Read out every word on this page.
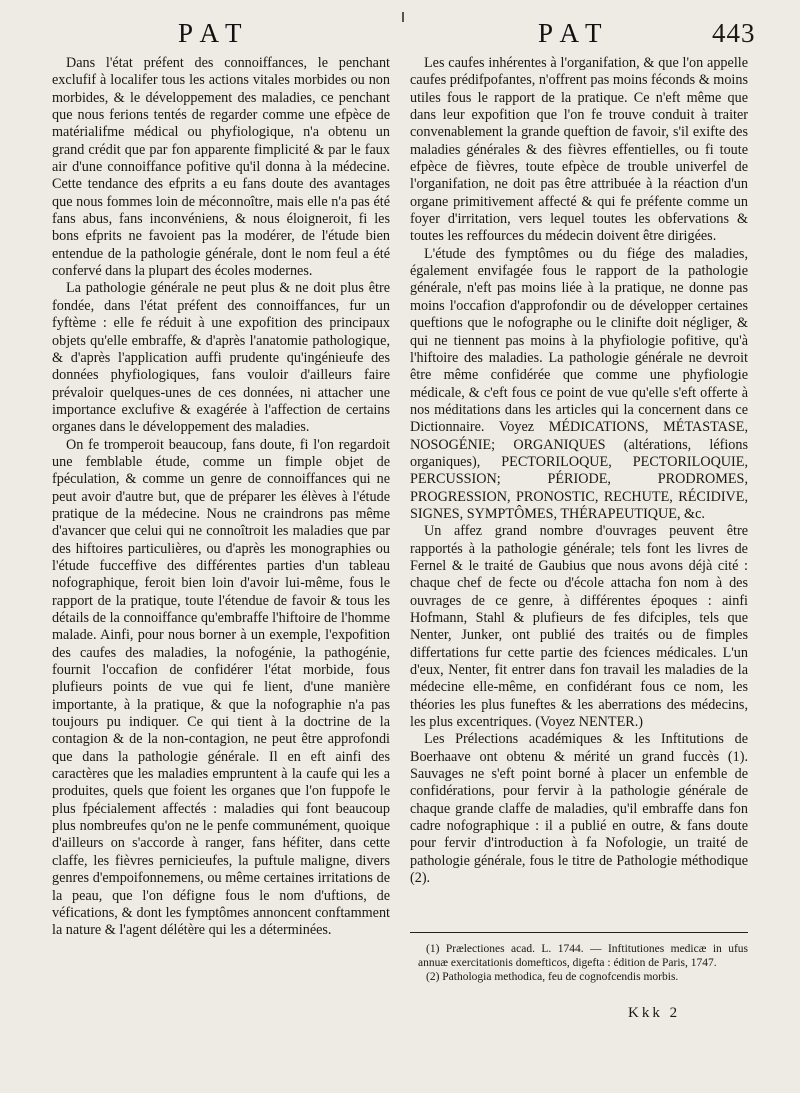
PAT	PAT	443

Dans l'état préfent des connoiffances, le penchant exclufif à localifer tous les actions vitales morbides ou non morbides, & le développement des maladies, ce penchant que nous ferions tentés de regarder comme une efpèce de matérialifme médical ou phyfiologique, n'a obtenu un grand crédit que par fon apparente fimplicité & par le faux air d'une connoiffance pofitive qu'il donna à la médecine. Cette tendance des efprits a eu fans doute des avantages que nous fommes loin de méconnoître, mais elle n'a pas été fans abus, fans inconvéniens, & nous éloigneroit, fi les bons efprits ne favoient pas la modérer, de l'étude bien entendue de la pathologie générale, dont le nom feul a été confervé dans la plupart des écoles modernes.

La pathologie générale ne peut plus & ne doit plus être fondée, dans l'état préfent des connoiffances, fur un fyftème : elle fe réduit à une expofition des principaux objets qu'elle embraffe, & d'après l'anatomie pathologique, & d'après l'application auffi prudente qu'ingénieufe des données phyfiologiques, fans vouloir d'ailleurs faire prévaloir quelques-unes de ces données, ni attacher une importance exclufive & exagérée à l'affection de certains organes dans le développement des maladies.

On fe tromperoit beaucoup, fans doute, fi l'on regardoit une femblable étude, comme un fimple objet de fpéculation, & comme un genre de connoiffances qui ne peut avoir d'autre but, que de préparer les élèves à l'étude pratique de la médecine. Nous ne craindrons pas même d'avancer que celui qui ne connoîtroit les maladies que par des hiftoires particulières, ou d'après les monographies ou l'étude fucceffive des différentes parties d'un tableau nofographique, feroit bien loin d'avoir lui-même, fous le rapport de la pratique, toute l'étendue de favoir & tous les détails de la connoiffance qu'embraffe l'hiftoire de l'homme malade. Ainfi, pour nous borner à un exemple, l'expofition des caufes des maladies, la nofogénie, la pathogénie, fournit l'occafion de confidérer l'état morbide, fous plufieurs points de vue qui fe lient, d'une manière importante, à la pratique, & que la nofographie n'a pas toujours pu indiquer. Ce qui tient à la doctrine de la contagion & de la non-contagion, ne peut être approfondi que dans la pathologie générale. Il en eft ainfi des caractères que les maladies empruntent à la caufe qui les a produites, quels que foient les organes que l'on fuppofe le plus fpécialement affectés : maladies qui font beaucoup plus nombreufes qu'on ne le penfe communément, quoique d'ailleurs on s'accorde à ranger, fans héfiter, dans cette claffe, les fièvres pernicieufes, la puftule maligne, divers genres d'empoifonnemens, ou même certaines irritations de la peau, que l'on défigne fous le nom d'uftions, de véfications, & dont les fymptômes annoncent conftamment la nature & l'agent délétère qui les a déterminées.

Les caufes inhérentes à l'organifation, & que l'on appelle caufes prédifpofantes, n'offrent pas moins féconds & moins utiles fous le rapport de la pratique. Ce n'eft même que dans leur expofition que l'on fe trouve conduit à traiter convenablement la grande queftion de favoir, s'il exifte des maladies générales & des fièvres effentielles, ou fi toute efpèce de fièvres, toute efpèce de trouble univerfel de l'organifation, ne doit pas être attribuée à la réaction d'un organe primitivement affecté & qui fe préfente comme un foyer d'irritation, vers lequel toutes les obfervations & toutes les reffources du médecin doivent être dirigées.

L'étude des fymptômes ou du fiége des maladies, également envifagée fous le rapport de la pathologie générale, n'eft pas moins liée à la pratique, ne donne pas moins l'occafion d'approfondir ou de développer certaines queftions que le nofographe ou le clinifte doit négliger, & qui ne tiennent pas moins à la phyfiologie pofitive, qu'à l'hiftoire des maladies. La pathologie générale ne devroit être même confidérée que comme une phyfiologie médicale, & c'eft fous ce point de vue qu'elle s'eft offerte à nos méditations dans les articles qui la concernent dans ce Dictionnaire. Voyez MÉDICATIONS, MÉTASTASE, NOSOGÉNIE; ORGANIQUES (altérations, léfions organiques), PECTORILOQUE, PECTORILOQUIE, PERCUSSION; PÉRIODE, PRODROMES, PROGRESSION, PRONOSTIC, RECHUTE, RÉCIDIVE, SIGNES, SYMPTÔMES, THÉRAPEUTIQUE, &c.

Un affez grand nombre d'ouvrages peuvent être rapportés à la pathologie générale; tels font les livres de Fernel & le traité de Gaubius que nous avons déjà cité : chaque chef de fecte ou d'école attacha fon nom à des ouvrages de ce genre, à différentes époques : ainfi Hofmann, Stahl & plufieurs de fes difciples, tels que Nenter, Junker, ont publié des traités ou de fimples differtations fur cette partie des fciences médicales. L'un d'eux, Nenter, fit entrer dans fon travail les maladies de la médecine elle-même, en confidérant fous ce nom, les théories les plus funeftes & les aberrations des médecins, les plus excentriques. (Voyez NENTER.)

Les Prélections académiques & les Inftitutions de Boerhaave ont obtenu & mérité un grand fuccès (1). Sauvages ne s'eft point borné à placer un enfemble de confidérations, pour fervir à la pathologie générale de chaque grande claffe de maladies, qu'il embraffe dans fon cadre nofographique : il a publié en outre, & fans doute pour fervir d'introduction à fa Nofologie, un traité de pathologie générale, fous le titre de Pathologie méthodique (2).

(1) Prælectiones acad. L. 1744. — Inftitutiones medicæ in ufus annuæ exercitationis domefticos, digefta : édition de Paris, 1747.

(2) Pathologia methodica, feu de cognofcendis morbis.

Kkk 2
